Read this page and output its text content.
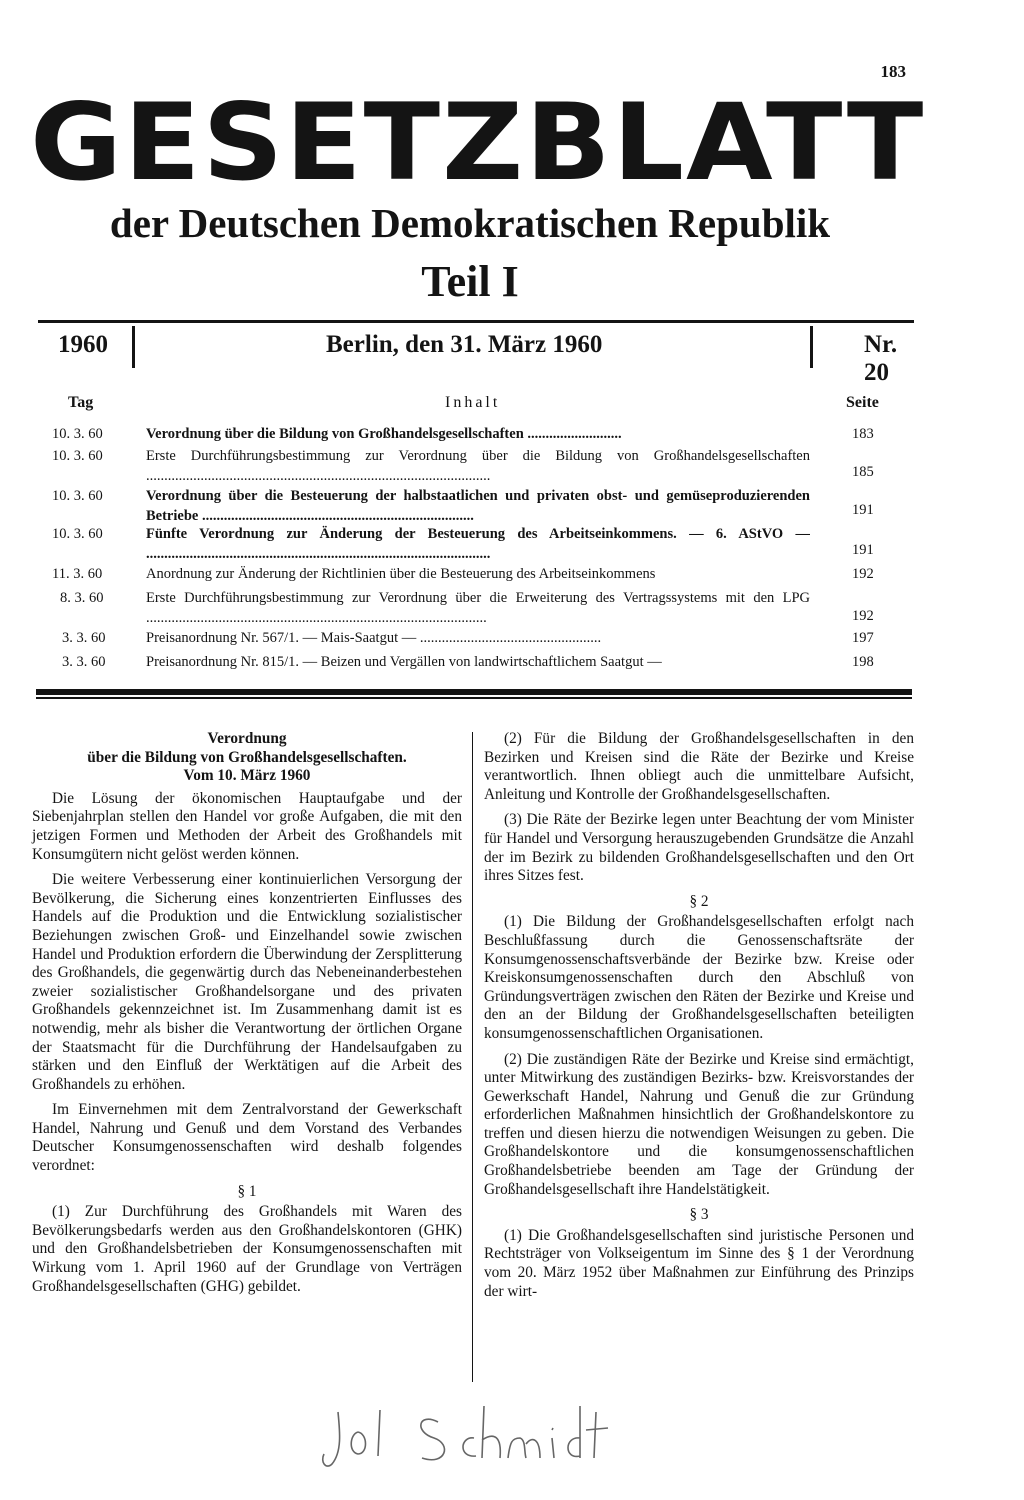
183
GESETZBLATT
der Deutschen Demokratischen Republik
Teil I
1960	Berlin, den 31. März 1960	Nr. 20
Tag	Inhalt	Seite
10. 3. 60	Verordnung über die Bildung von Großhandelsgesellschaften ..........................	183
10. 3. 60	Erste Durchführungsbestimmung zur Verordnung über die Bildung von Großhandelsgesellschaften ...............................................................................................	185
10. 3. 60	Verordnung über die Besteuerung der halbstaatlichen und privaten obst- und gemüseproduzierenden Betriebe ...........................................................................	191
10. 3. 60	Fünfte Verordnung zur Änderung der Besteuerung des Arbeitseinkommens. — 6. AStVO — ...............................................................................................	191
11. 3. 60	Anordnung zur Änderung der Richtlinien über die Besteuerung des Arbeitseinkommens	192
8. 3. 60	Erste Durchführungsbestimmung zur Verordnung über die Erweiterung des Vertragssystems mit den LPG ..............................................................................................	192
3. 3. 60	Preisanordnung Nr. 567/1. — Mais-Saatgut — ..................................................	197
3. 3. 60	Preisanordnung Nr. 815/1. — Beizen und Vergällen von landwirtschaftlichem Saatgut —	198
Verordnung
über die Bildung von Großhandelsgesellschaften.
Vom 10. März 1960

Die Lösung der ökonomischen Hauptaufgabe und der Siebenjahrplan stellen den Handel vor große Aufgaben, die mit den jetzigen Formen und Methoden der Arbeit des Großhandels mit Konsumgütern nicht gelöst werden können.

Die weitere Verbesserung einer kontinuierlichen Versorgung der Bevölkerung, die Sicherung eines konzentrierten Einflusses des Handels auf die Produktion und die Entwicklung sozialistischer Beziehungen zwischen Groß- und Einzelhandel sowie zwischen Handel und Produktion erfordern die Überwindung der Zersplitterung des Großhandels, die gegenwärtig durch das Nebeneinanderbestehen zweier sozialistischer Großhandelsorgane und des privaten Großhandels gekennzeichnet ist. Im Zusammenhang damit ist es notwendig, mehr als bisher die Verantwortung der örtlichen Organe der Staatsmacht für die Durchführung der Handelsaufgaben zu stärken und den Einfluß der Werktätigen auf die Arbeit des Großhandels zu erhöhen.

Im Einvernehmen mit dem Zentralvorstand der Gewerkschaft Handel, Nahrung und Genuß und dem Vorstand des Verbandes Deutscher Konsumgenossenschaften wird deshalb folgendes verordnet:

§ 1

(1) Zur Durchführung des Großhandels mit Waren des Bevölkerungsbedarfs werden aus den Großhandelskontoren (GHK) und den Großhandelsbetrieben der Konsumgenossenschaften mit Wirkung vom 1. April 1960 auf der Grundlage von Verträgen Großhandelsgesellschaften (GHG) gebildet.

(2) Für die Bildung der Großhandelsgesellschaften in den Bezirken und Kreisen sind die Räte der Bezirke und Kreise verantwortlich. Ihnen obliegt auch die unmittelbare Aufsicht, Anleitung und Kontrolle der Großhandelsgesellschaften.

(3) Die Räte der Bezirke legen unter Beachtung der vom Minister für Handel und Versorgung herauszugebenden Grundsätze die Anzahl der im Bezirk zu bildenden Großhandelsgesellschaften und den Ort ihres Sitzes fest.

§ 2

(1) Die Bildung der Großhandelsgesellschaften erfolgt nach Beschlußfassung durch die Genossenschaftsräte der Konsumgenossenschaftsverbände der Bezirke bzw. Kreise oder Kreiskonsumgenossenschaften durch den Abschluß von Gründungsverträgen zwischen den Räten der Bezirke und Kreise und den an der Bildung der Großhandelsgesellschaften beteiligten konsumgenossenschaftlichen Organisationen.

(2) Die zuständigen Räte der Bezirke und Kreise sind ermächtigt, unter Mitwirkung des zuständigen Bezirks- bzw. Kreisvorstandes der Gewerkschaft Handel, Nahrung und Genuß die zur Gründung erforderlichen Maßnahmen hinsichtlich der Großhandelskontore zu treffen und diesen hierzu die notwendigen Weisungen zu geben. Die Großhandelskontore und die konsumgenossenschaftlichen Großhandelsbetriebe beenden am Tage der Gründung der Großhandelsgesellschaft ihre Handelstätigkeit.

§ 3

(1) Die Großhandelsgesellschaften sind juristische Personen und Rechtsträger von Volkseigentum im Sinne des § 1 der Verordnung vom 20. März 1952 über Maßnahmen zur Einführung des Prinzips der wirt-
